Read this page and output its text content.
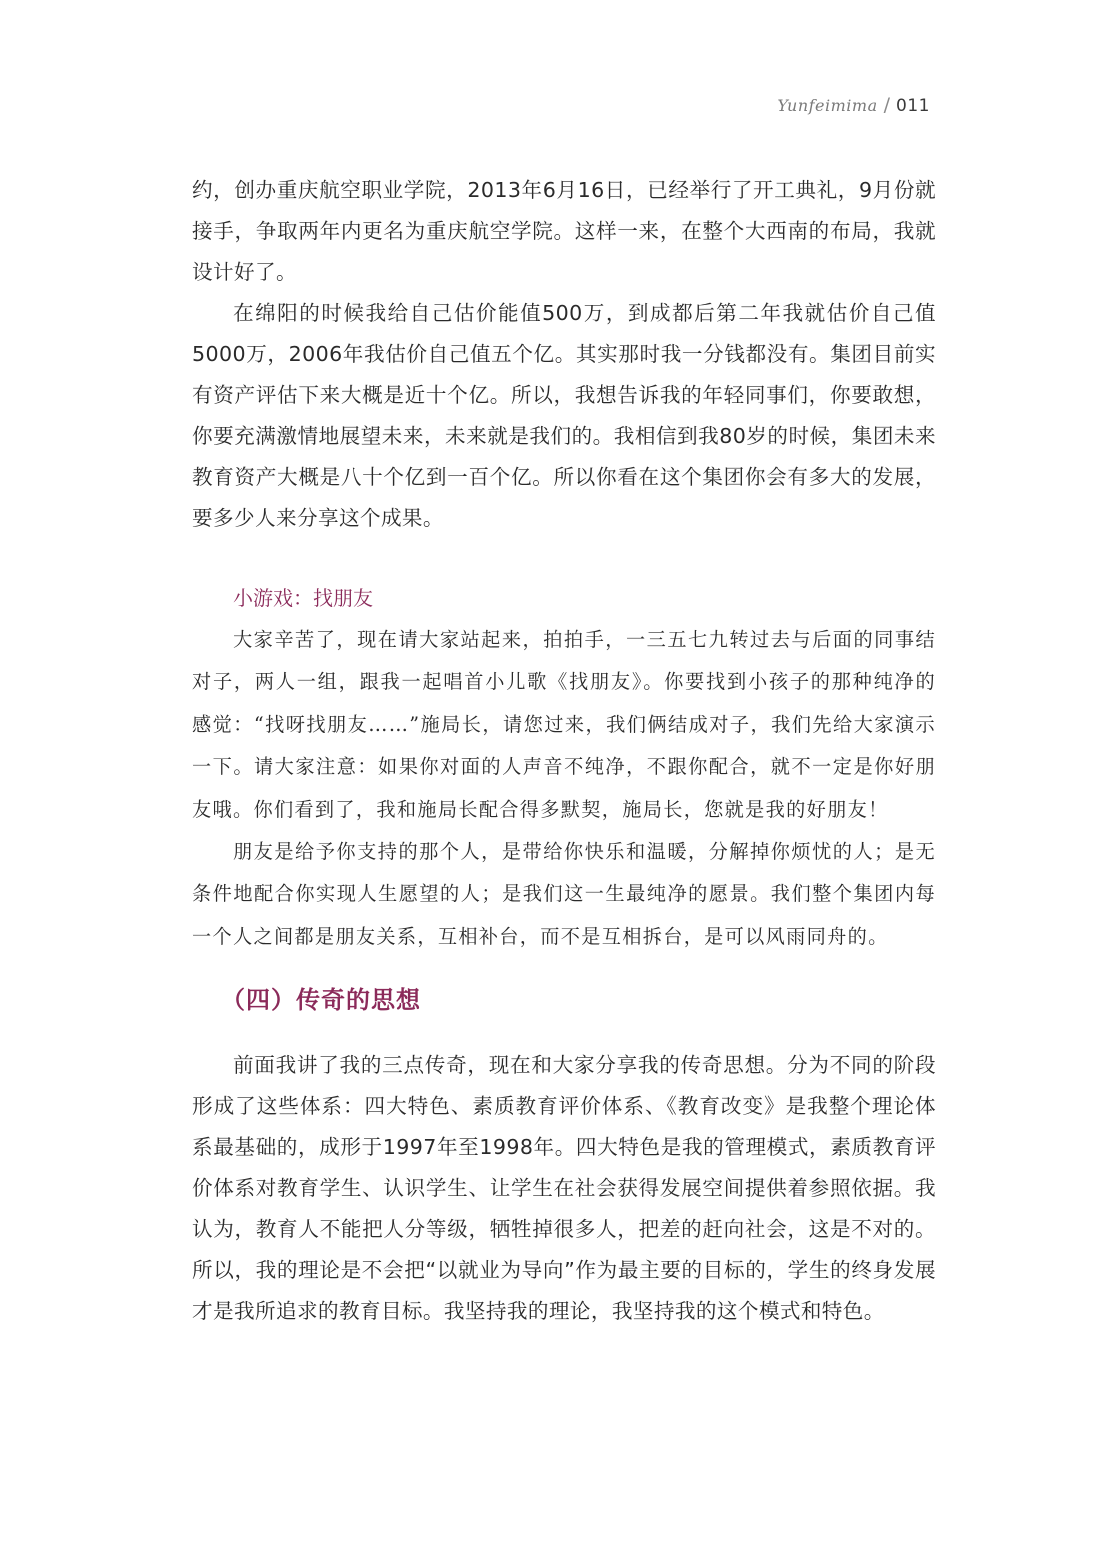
Yunfeimima / 011

约，创办重庆航空职业学院，2013年6月16日，已经举行了开工典礼，9月份就接手，争取两年内更名为重庆航空学院。这样一来，在整个大西南的布局，我就设计好了。

在绵阳的时候我给自己估价能值500万，到成都后第二年我就估价自己值5000万，2006年我估价自己值五个亿。其实那时我一分钱都没有。集团目前实有资产评估下来大概是近十个亿。所以，我想告诉我的年轻同事们，你要敢想，你要充满激情地展望未来，未来就是我们的。我相信到我80岁的时候，集团未来教育资产大概是八十个亿到一百个亿。所以你看在这个集团你会有多大的发展，要多少人来分享这个成果。

小游戏：找朋友

大家辛苦了，现在请大家站起来，拍拍手，一三五七九转过去与后面的同事结对子，两人一组，跟我一起唱首小儿歌《找朋友》。你要找到小孩子的那种纯净的感觉：“找呀找朋友……”施局长，请您过来，我们俩结成对子，我们先给大家演示一下。请大家注意：如果你对面的人声音不纯净，不跟你配合，就不一定是你好朋友哦。你们看到了，我和施局长配合得多默契，施局长，您就是我的好朋友！

朋友是给予你支持的那个人，是带给你快乐和温暖，分解掉你烦忧的人；是无条件地配合你实现人生愿望的人；是我们这一生最纯净的愿景。我们整个集团内每一个人之间都是朋友关系，互相补台，而不是互相拆台，是可以风雨同舟的。

（四）传奇的思想

前面我讲了我的三点传奇，现在和大家分享我的传奇思想。分为不同的阶段形成了这些体系：四大特色、素质教育评价体系、《教育改变》是我整个理论体系最基础的，成形于1997年至1998年。四大特色是我的管理模式，素质教育评价体系对教育学生、认识学生、让学生在社会获得发展空间提供着参照依据。我认为，教育人不能把人分等级，牺牲掉很多人，把差的赶向社会，这是不对的。所以，我的理论是不会把“以就业为导向”作为最主要的目标的，学生的终身发展才是我所追求的教育目标。我坚持我的理论，我坚持我的这个模式和特色。
